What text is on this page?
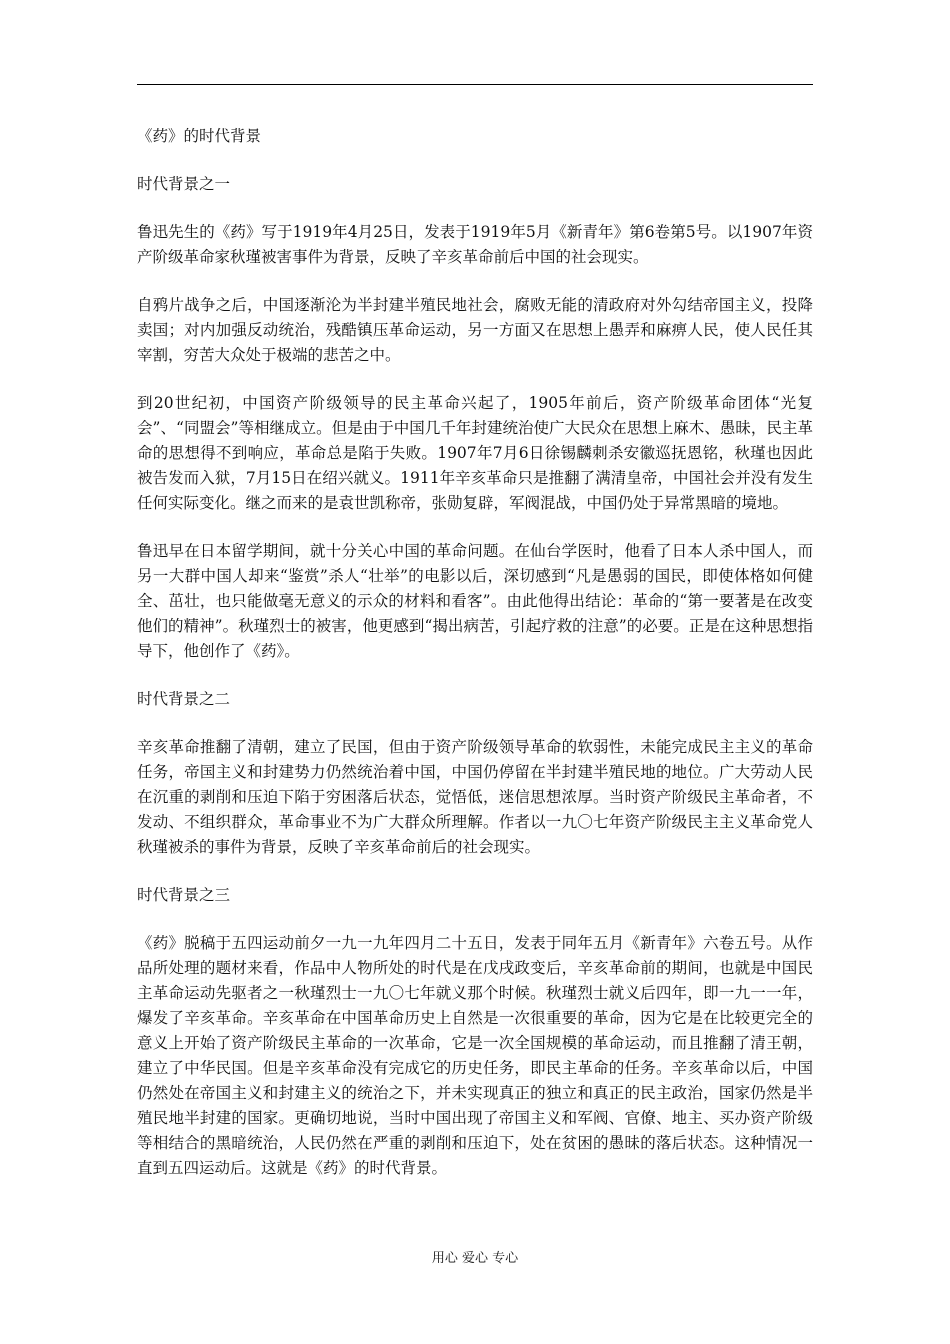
《药》的时代背景
时代背景之一

鲁迅先生的《药》写于1919年4月25日，发表于1919年5月《新青年》第6卷第5号。以1907年资产阶级革命家秋瑾被害事件为背景，反映了辛亥革命前后中国的社会现实。

自鸦片战争之后，中国逐渐沦为半封建半殖民地社会，腐败无能的清政府对外勾结帝国主义，投降卖国；对内加强反动统治，残酷镇压革命运动，另一方面又在思想上愚弄和麻痹人民，使人民任其宰割，穷苦大众处于极端的悲苦之中。

到20世纪初，中国资产阶级领导的民主革命兴起了，1905年前后，资产阶级革命团体“光复会”、“同盟会”等相继成立。但是由于中国几千年封建统治使广大民众在思想上麻木、愚昧，民主革命的思想得不到响应，革命总是陷于失败。1907年7月6日徐锡麟刺杀安徽巡抚恩铭，秋瑾也因此被告发而入狱，7月15日在绍兴就义。1911年辛亥革命只是推翻了满清皇帝，中国社会并没有发生任何实际变化。继之而来的是袁世凯称帝，张勋复辟，军阀混战，中国仍处于异常黑暗的境地。

鲁迅早在日本留学期间，就十分关心中国的革命问题。在仙台学医时，他看了日本人杀中国人，而另一大群中国人却来“鉴赏”杀人“壮举”的电影以后，深切感到“凡是愚弱的国民，即使体格如何健全、茁壮，也只能做毫无意义的示众的材料和看客”。由此他得出结论：革命的“第一要著是在改变他们的精神”。秋瑾烈士的被害，他更感到“揭出病苦，引起疗救的注意”的必要。正是在这种思想指导下，他创作了《药》。

时代背景之二

辛亥革命推翻了清朝，建立了民国，但由于资产阶级领导革命的软弱性，未能完成民主主义的革命任务，帝国主义和封建势力仍然统治着中国，中国仍停留在半封建半殖民地的地位。广大劳动人民在沉重的剥削和压迫下陷于穷困落后状态，觉悟低，迷信思想浓厚。当时资产阶级民主革命者，不发动、不组织群众，革命事业不为广大群众所理解。作者以一九〇七年资产阶级民主主义革命党人秋瑾被杀的事件为背景，反映了辛亥革命前后的社会现实。

时代背景之三

《药》脱稿于五四运动前夕一九一九年四月二十五日，发表于同年五月《新青年》六卷五号。从作品所处理的题材来看，作品中人物所处的时代是在戊戌政变后，辛亥革命前的期间，也就是中国民主革命运动先驱者之一秋瑾烈士一九〇七年就义那个时候。秋瑾烈士就义后四年，即一九一一年，爆发了辛亥革命。辛亥革命在中国革命历史上自然是一次很重要的革命，因为它是在比较更完全的意义上开始了资产阶级民主革命的一次革命，它是一次全国规模的革命运动，而且推翻了清王朝，建立了中华民国。但是辛亥革命没有完成它的历史任务，即民主革命的任务。辛亥革命以后，中国仍然处在帝国主义和封建主义的统治之下，并未实现真正的独立和真正的民主政治，国家仍然是半殖民地半封建的国家。更确切地说，当时中国出现了帝国主义和军阀、官僚、地主、买办资产阶级等相结合的黑暗统治，人民仍然在严重的剥削和压迫下，处在贫困的愚昧的落后状态。这种情况一直到五四运动后。这就是《药》的时代背景。

用心 爱心 专心
